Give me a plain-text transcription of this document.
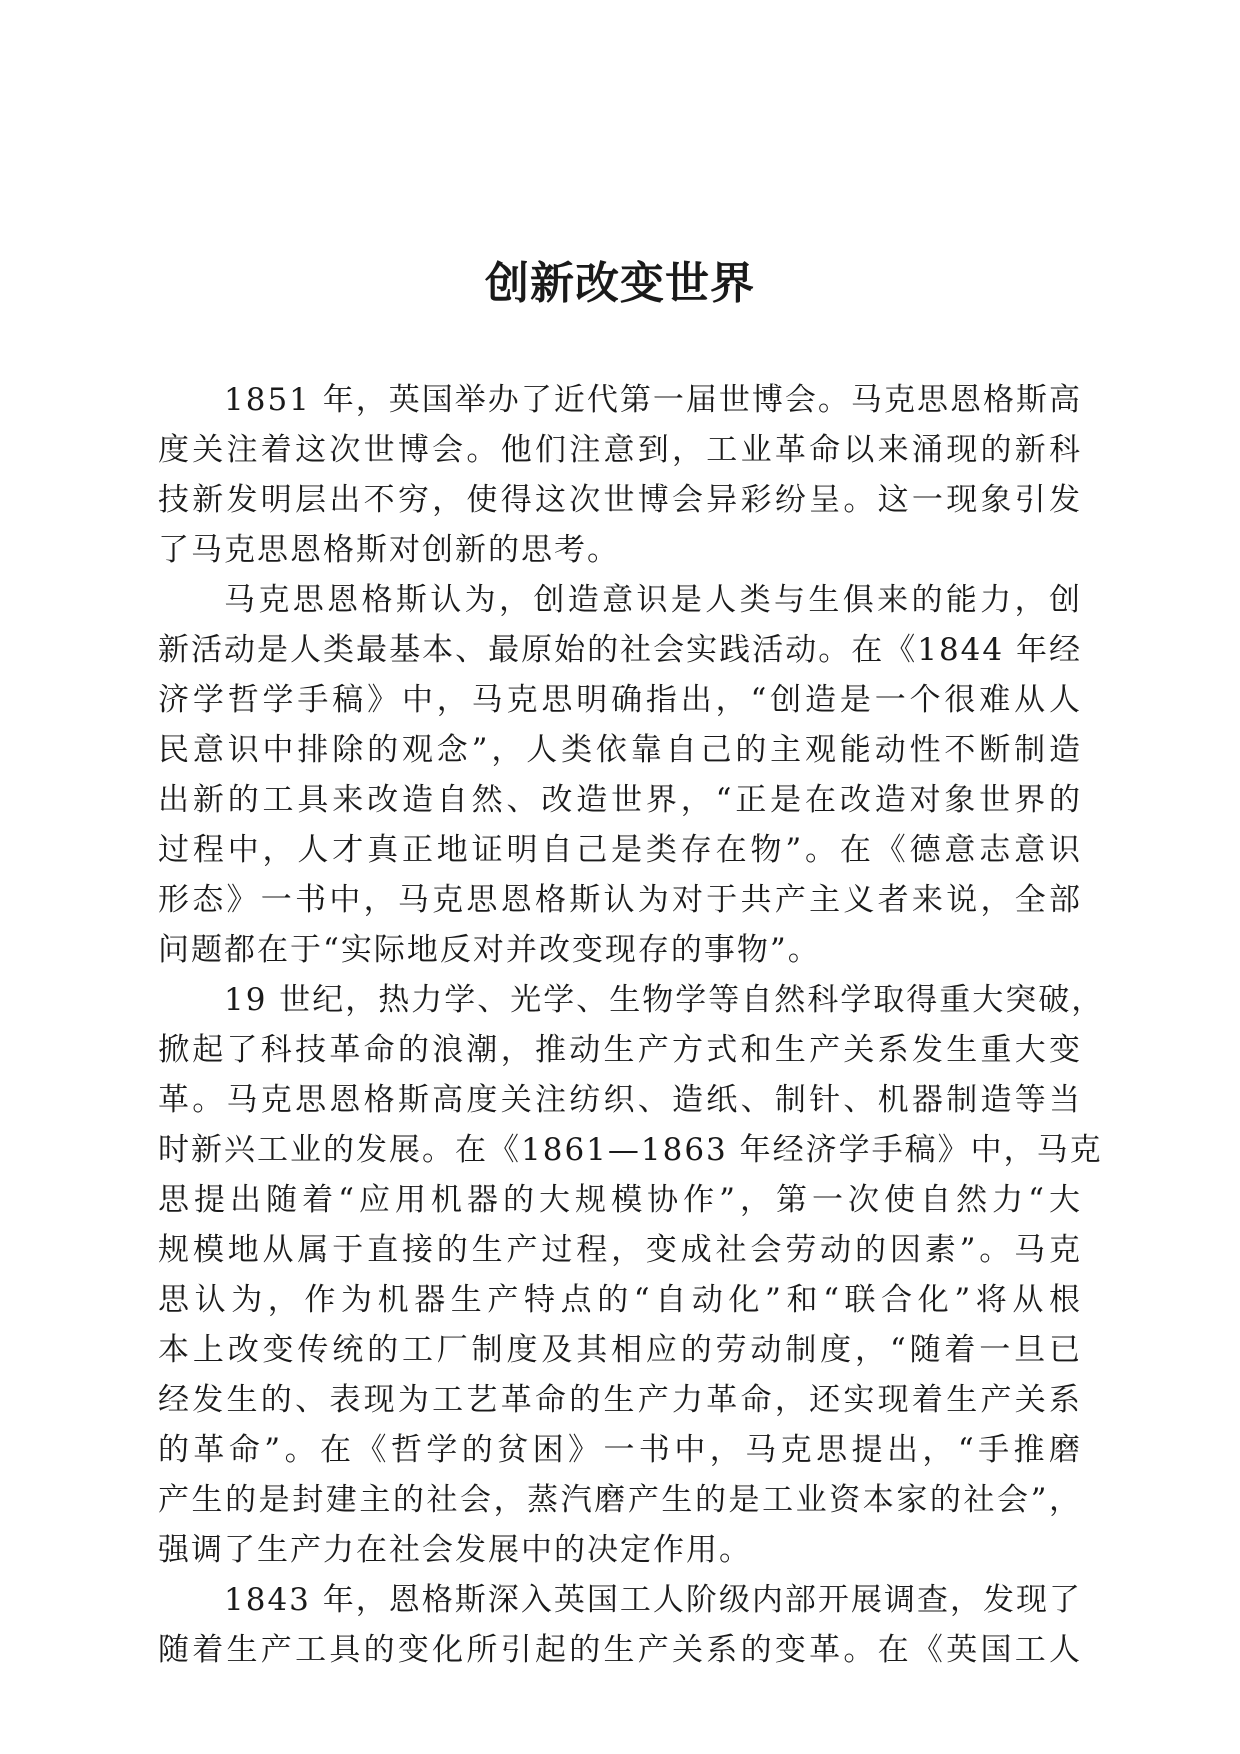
创新改变世界
1851 年，英国举办了近代第一届世博会。马克思恩格斯高
度关注着这次世博会。他们注意到，工业革命以来涌现的新科
技新发明层出不穷，使得这次世博会异彩纷呈。这一现象引发
了马克思恩格斯对创新的思考。
马克思恩格斯认为，创造意识是人类与生俱来的能力，创
新活动是人类最基本、最原始的社会实践活动。在《1844 年经
济学哲学手稿》中，马克思明确指出，“创造是一个很难从人
民意识中排除的观念”，人类依靠自己的主观能动性不断制造
出新的工具来改造自然、改造世界，“正是在改造对象世界的
过程中，人才真正地证明自己是类存在物”。在《德意志意识
形态》一书中，马克思恩格斯认为对于共产主义者来说，全部
问题都在于“实际地反对并改变现存的事物”。
19 世纪，热力学、光学、生物学等自然科学取得重大突破，
掀起了科技革命的浪潮，推动生产方式和生产关系发生重大变
革。马克思恩格斯高度关注纺织、造纸、制针、机器制造等当
时新兴工业的发展。在《1861—1863 年经济学手稿》中，马克
思提出随着“应用机器的大规模协作”，第一次使自然力“大
规模地从属于直接的生产过程，变成社会劳动的因素”。马克
思认为，作为机器生产特点的“自动化”和“联合化”将从根
本上改变传统的工厂制度及其相应的劳动制度，“随着一旦已
经发生的、表现为工艺革命的生产力革命，还实现着生产关系
的革命”。在《哲学的贫困》一书中，马克思提出，“手推磨
产生的是封建主的社会，蒸汽磨产生的是工业资本家的社会”，
强调了生产力在社会发展中的决定作用。
1843 年，恩格斯深入英国工人阶级内部开展调查，发现了
随着生产工具的变化所引起的生产关系的变革。在《英国工人
